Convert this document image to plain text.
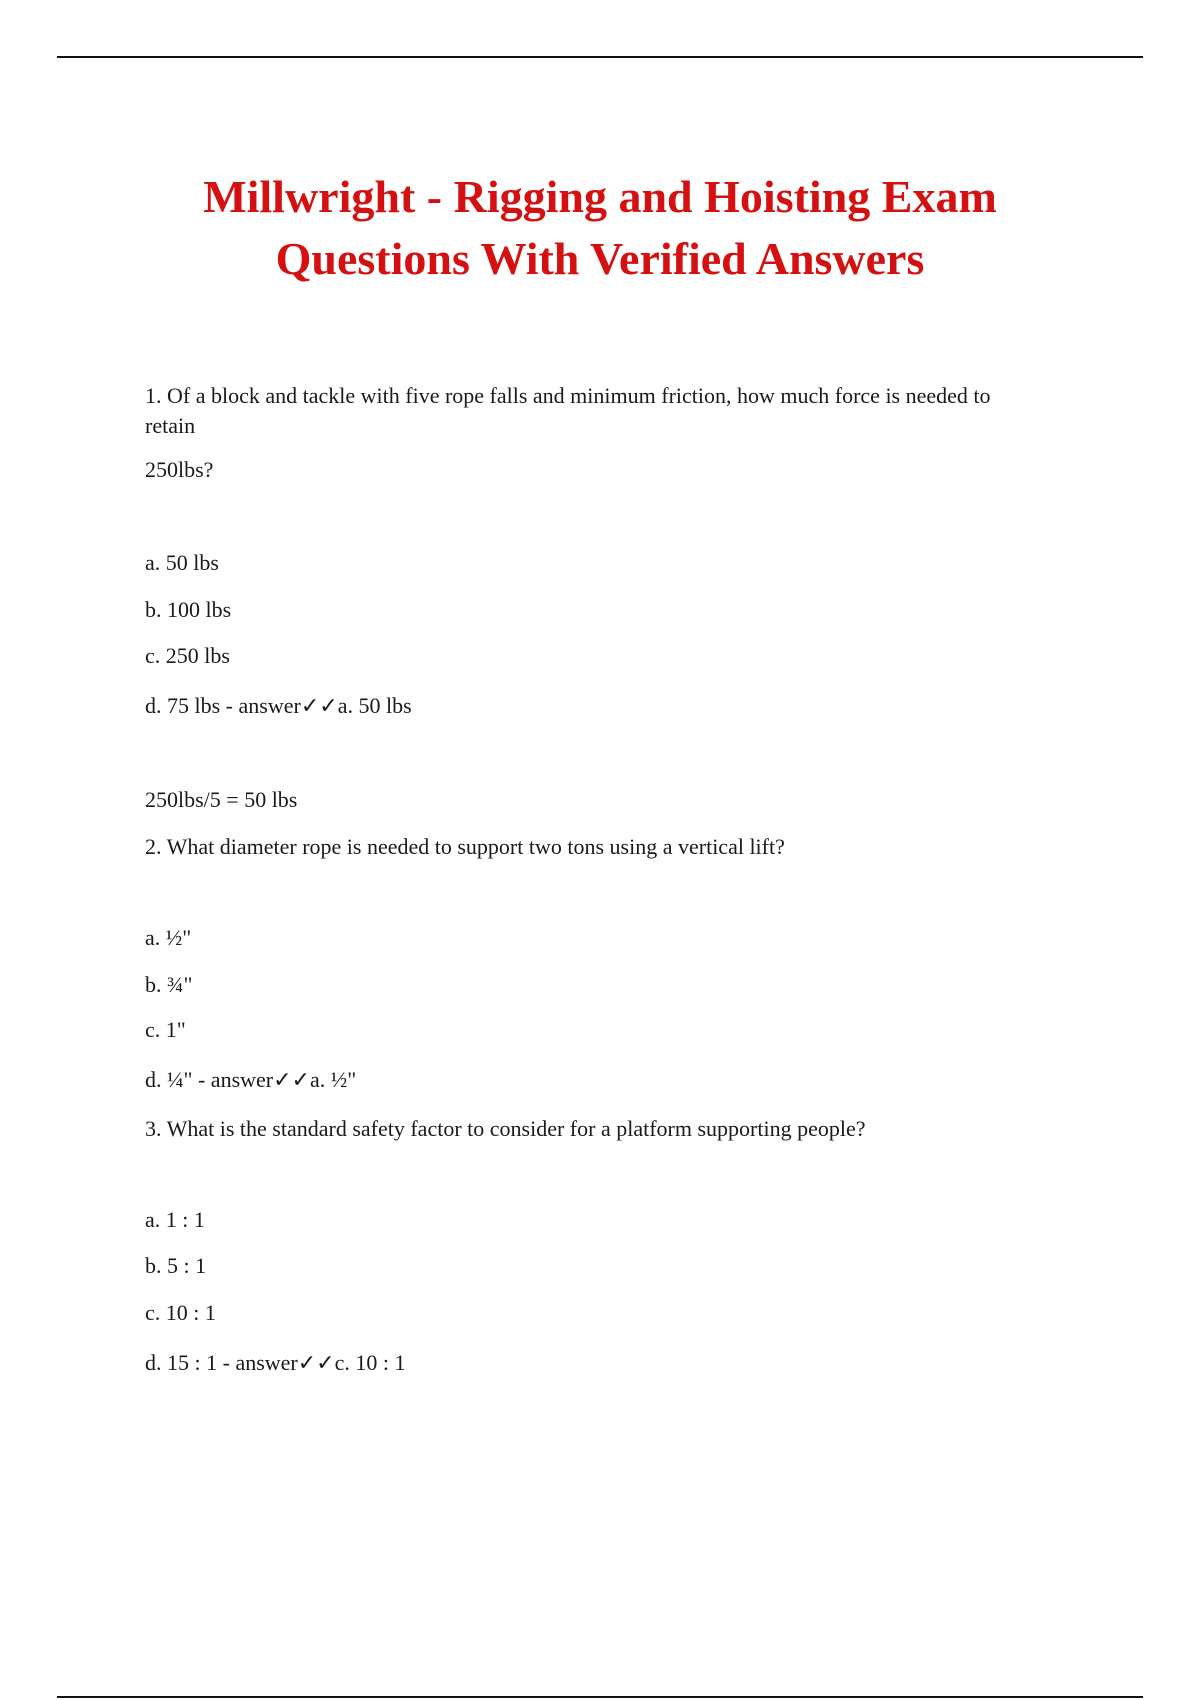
Millwright - Rigging and Hoisting Exam
Questions With Verified Answers
1. Of a block and tackle with five rope falls and minimum friction, how much force is needed to
retain
250lbs?
a. 50 lbs
b. 100 lbs
c. 250 lbs
d. 75 lbs - answer✓✓a. 50 lbs
250lbs/5 = 50 lbs
2. What diameter rope is needed to support two tons using a vertical lift?
a. ½"
b. ¾"
c. 1"
d. ¼" - answer✓✓a. ½"
3. What is the standard safety factor to consider for a platform supporting people?
a. 1 : 1
b. 5 : 1
c. 10 : 1
d. 15 : 1 - answer✓✓c. 10 : 1
